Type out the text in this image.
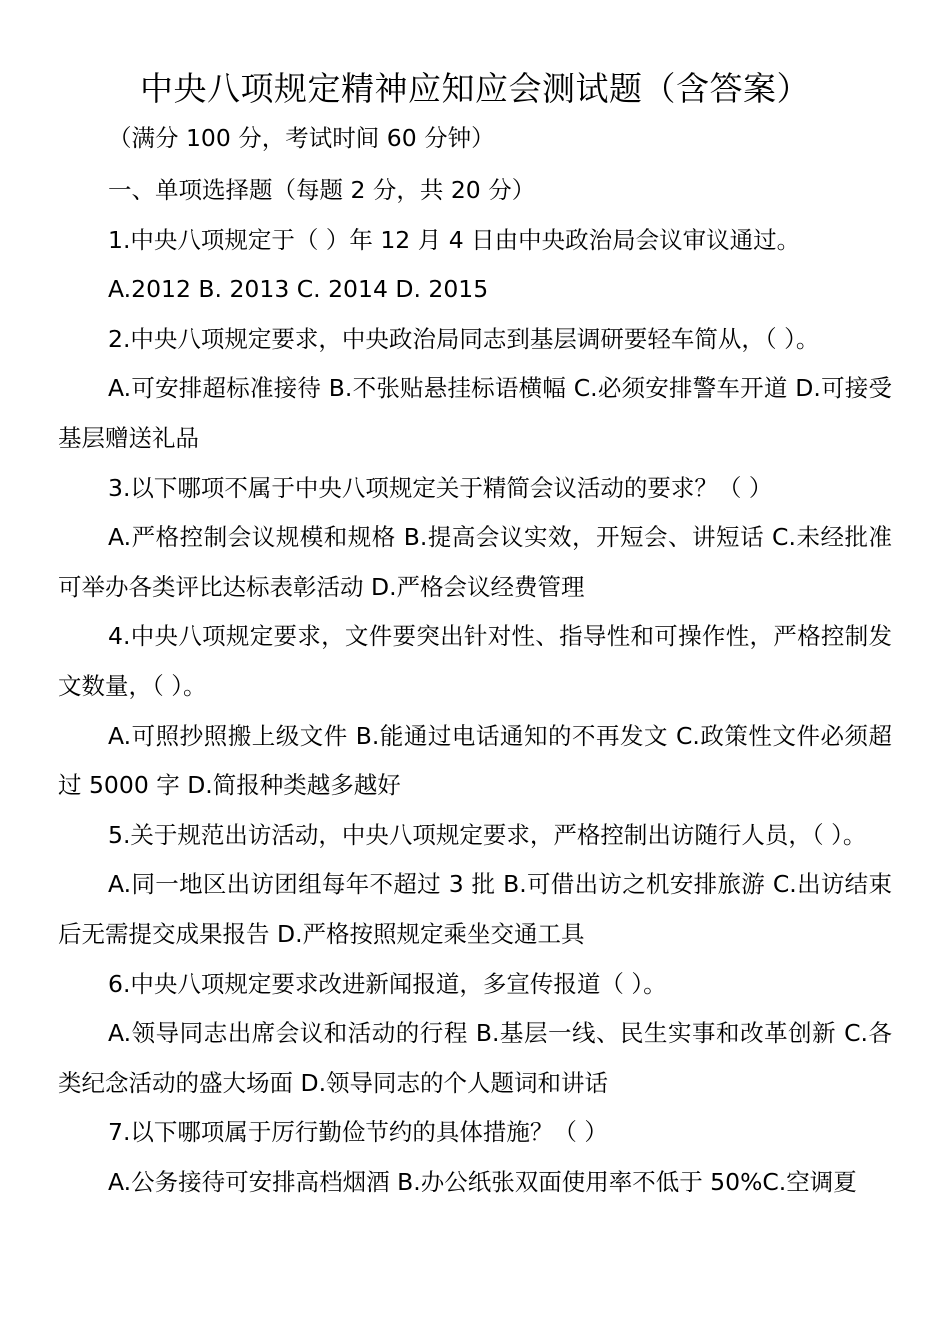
中央八项规定精神应知应会测试题（含答案）
（满分 100 分，考试时间 60 分钟）

一、单项选择题（每题 2 分，共 20 分）

1.中央八项规定于（ ）年 12 月 4 日由中央政治局会议审议通过。

A.2012 B. 2013 C. 2014 D. 2015

2.中央八项规定要求，中央政治局同志到基层调研要轻车简从，（ ）。

A.可安排超标准接待 B.不张贴悬挂标语横幅 C.必须安排警车开道 D.可接受基层赠送礼品

3.以下哪项不属于中央八项规定关于精简会议活动的要求？（ ）

A.严格控制会议规模和规格 B.提高会议实效，开短会、讲短话 C.未经批准可举办各类评比达标表彰活动 D.严格会议经费管理

4.中央八项规定要求，文件要突出针对性、指导性和可操作性，严格控制发文数量，（ ）。

A.可照抄照搬上级文件 B.能通过电话通知的不再发文 C.政策性文件必须超过 5000 字 D.简报种类越多越好

5.关于规范出访活动，中央八项规定要求，严格控制出访随行人员，（ ）。

A.同一地区出访团组每年不超过 3 批 B.可借出访之机安排旅游 C.出访结束后无需提交成果报告 D.严格按照规定乘坐交通工具

6.中央八项规定要求改进新闻报道，多宣传报道（ ）。

A.领导同志出席会议和活动的行程 B.基层一线、民生实事和改革创新 C.各类纪念活动的盛大场面 D.领导同志的个人题词和讲话

7.以下哪项属于厉行勤俭节约的具体措施？（ ）

A.公务接待可安排高档烟酒 B.办公纸张双面使用率不低于 50%C.空调夏
